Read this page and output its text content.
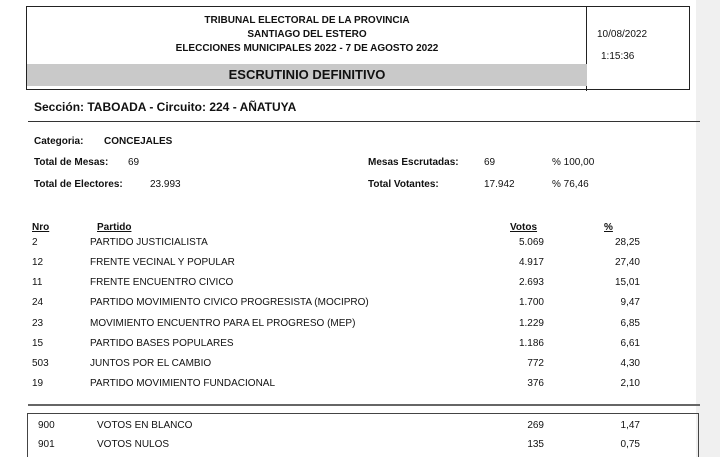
TRIBUNAL ELECTORAL DE LA PROVINCIA
SANTIAGO DEL ESTERO
ELECCIONES MUNICIPALES 2022 - 7 DE AGOSTO 2022
ESCRUTINIO DEFINITIVO
10/08/2022
1:15:36
Sección: TABOADA - Circuito: 224 - AÑATUYA
Categoria: CONCEJALES
Total de Mesas: 69	Mesas Escrutadas:	69	% 100,00
Total de Electores:	23.993	Total Votantes:	17.942	% 76,46
Nro	Partido	Votos	%
2	PARTIDO JUSTICIALISTA	5.069	28,25
12	FRENTE VECINAL Y POPULAR	4.917	27,40
11	FRENTE ENCUENTRO CIVICO	2.693	15,01
24	PARTIDO MOVIMIENTO CIVICO PROGRESISTA (MOCIPRO)	1.700	9,47
23	MOVIMIENTO ENCUENTRO PARA EL PROGRESO (MEP)	1.229	6,85
15	PARTIDO BASES POPULARES	1.186	6,61
503	JUNTOS POR EL CAMBIO	772	4,30
19	PARTIDO MOVIMIENTO FUNDACIONAL	376	2,10
900	VOTOS EN BLANCO	269	1,47
901	VOTOS NULOS	135	0,75
